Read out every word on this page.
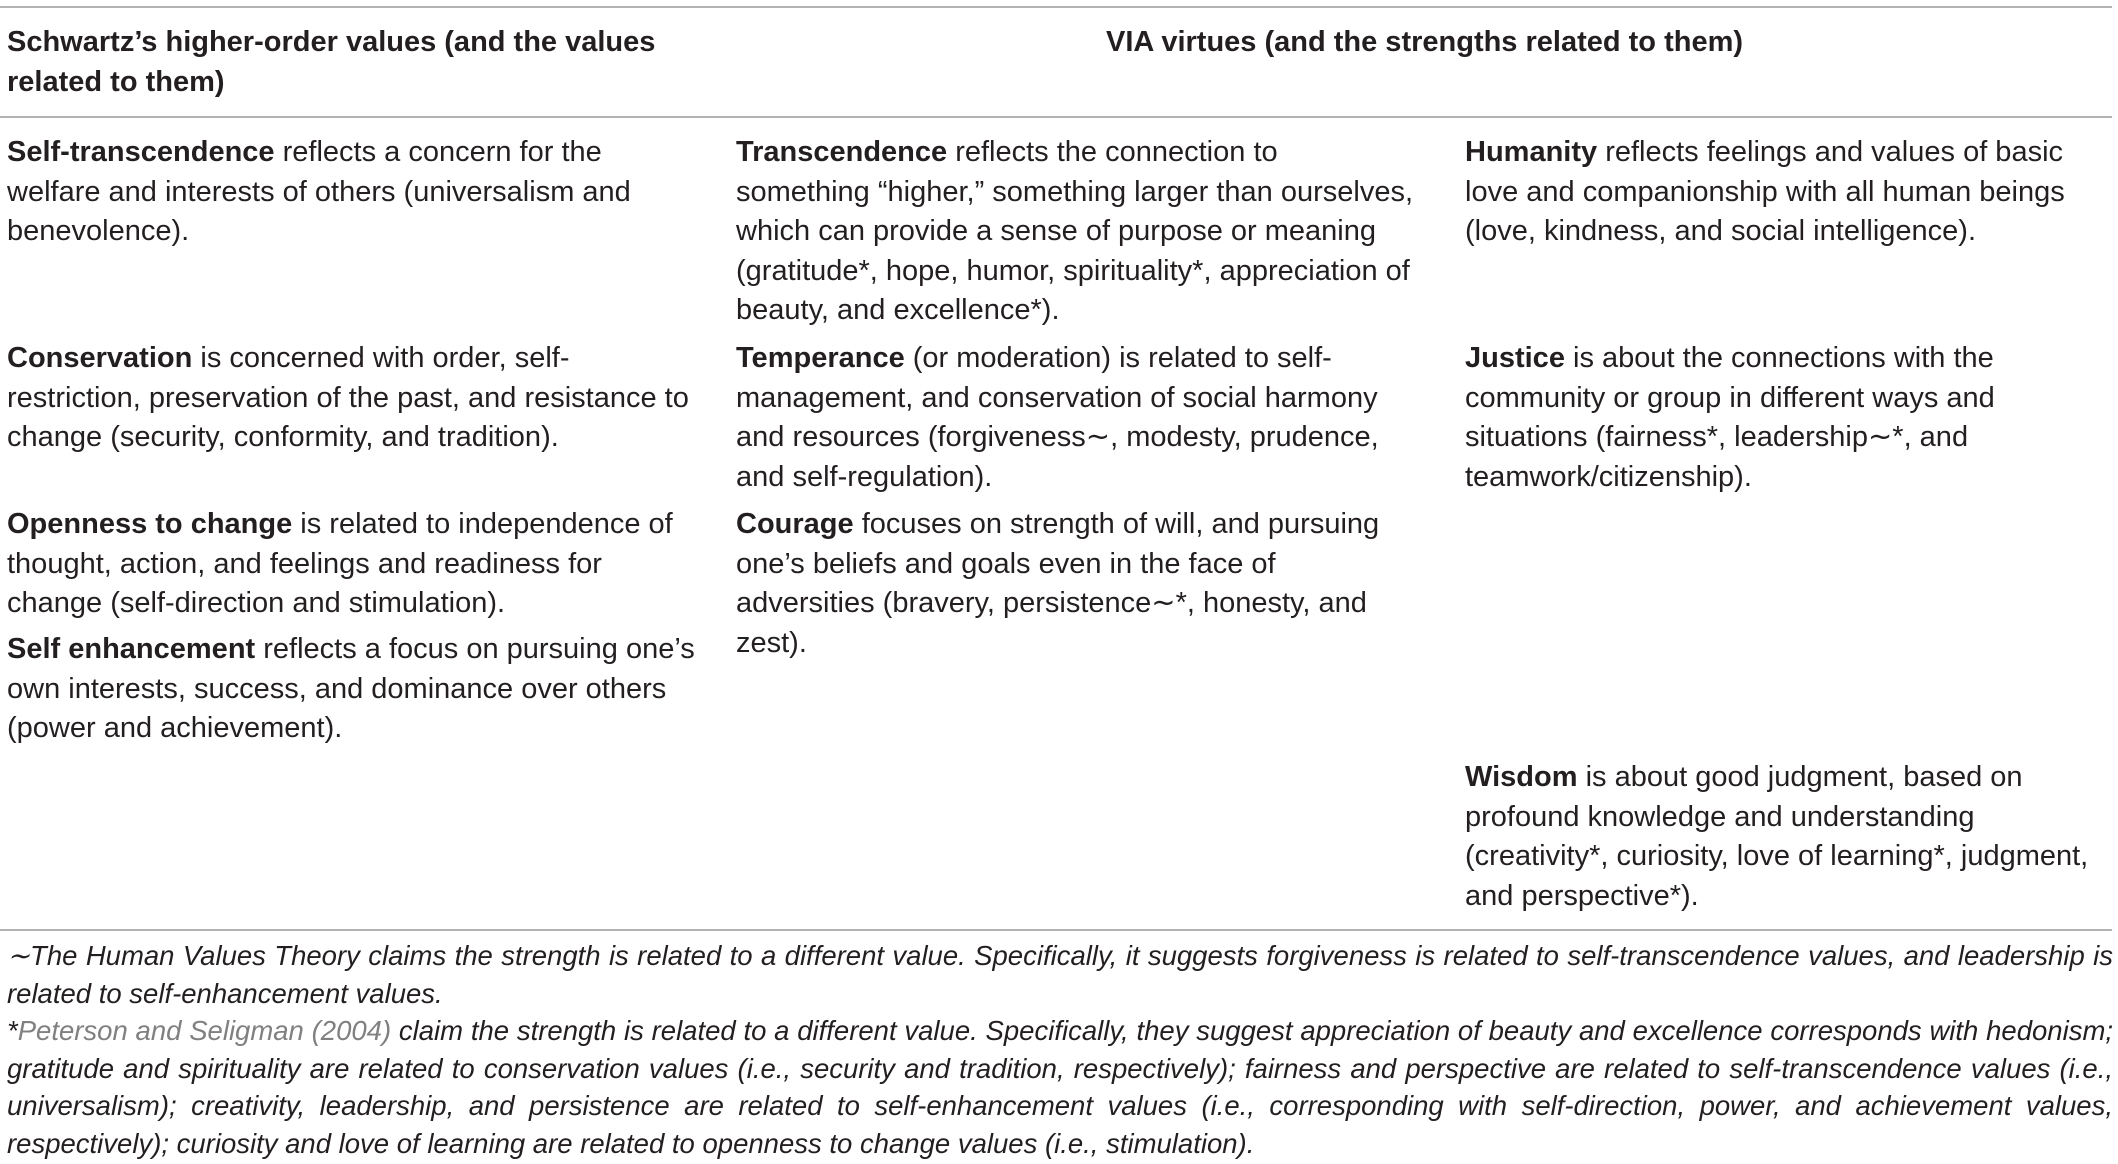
Schwartz’s higher-order values (and the values related to them)
VIA virtues (and the strengths related to them)
Self-transcendence reflects a concern for the welfare and interests of others (universalism and benevolence).
Conservation is concerned with order, self-restriction, preservation of the past, and resistance to change (security, conformity, and tradition).
Openness to change is related to independence of thought, action, and feelings and readiness for change (self-direction and stimulation).
Self enhancement reflects a focus on pursuing one’s own interests, success, and dominance over others (power and achievement).
Transcendence reflects the connection to something “higher,” something larger than ourselves, which can provide a sense of purpose or meaning (gratitude*, hope, humor, spirituality*, appreciation of beauty, and excellence*).
Temperance (or moderation) is related to self-management, and conservation of social harmony and resources (forgiveness∼, modesty, prudence, and self-regulation).
Courage focuses on strength of will, and pursuing one’s beliefs and goals even in the face of adversities (bravery, persistence∼*, honesty, and zest).
Humanity reflects feelings and values of basic love and companionship with all human beings (love, kindness, and social intelligence).
Justice is about the connections with the community or group in different ways and situations (fairness*, leadership∼*, and teamwork/citizenship).
Wisdom is about good judgment, based on profound knowledge and understanding (creativity*, curiosity, love of learning*, judgment, and perspective*).
∼The Human Values Theory claims the strength is related to a different value. Specifically, it suggests forgiveness is related to self-transcendence values, and leadership is related to self-enhancement values.
*Peterson and Seligman (2004) claim the strength is related to a different value. Specifically, they suggest appreciation of beauty and excellence corresponds with hedonism; gratitude and spirituality are related to conservation values (i.e., security and tradition, respectively); fairness and perspective are related to self-transcendence values (i.e., universalism); creativity, leadership, and persistence are related to self-enhancement values (i.e., corresponding with self-direction, power, and achievement values, respectively); curiosity and love of learning are related to openness to change values (i.e., stimulation).
